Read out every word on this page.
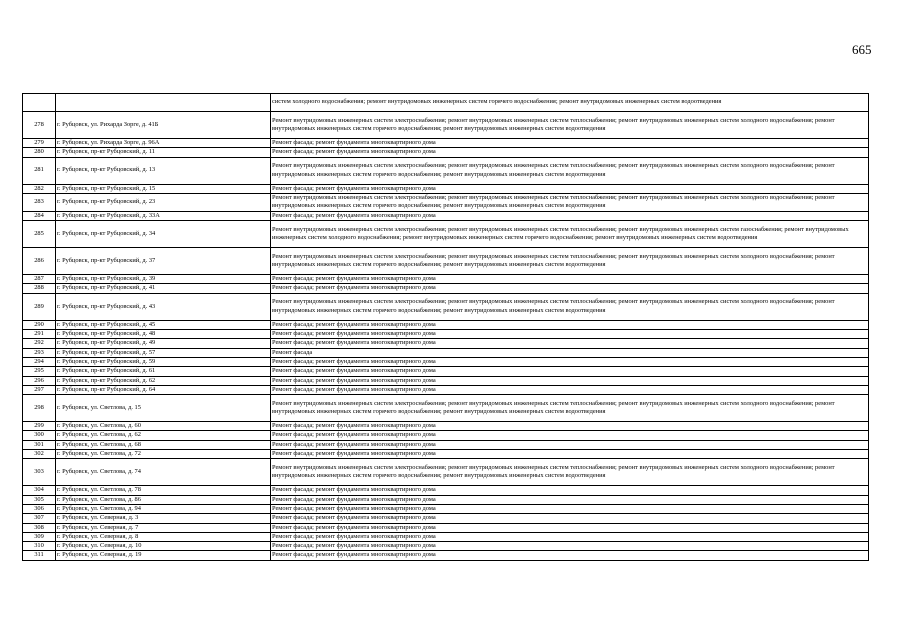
665
		систем холодного водоснабжения; ремонт внутридомовых инженерных систем горячего водоснабжения; ремонт внутридомовых инженерных систем водоотведения
278	г. Рубцовск, ул. Рихарда Зорге, д. 41Б	Ремонт внутридомовых инженерных систем электроснабжения; ремонт внутридомовых инженерных систем теплоснабжения; ремонт внутридомовых инженерных систем холодного водоснабжения; ремонт внутридомовых инженерных систем горячего водоснабжения; ремонт внутридомовых инженерных систем водоотведения
279	г. Рубцовск, ул. Рихарда Зорге, д. 96А	Ремонт фасада; ремонт фундамента многоквартирного дома
280	г. Рубцовск, пр-кт Рубцовский, д. 11	Ремонт фасада; ремонт фундамента многоквартирного дома
281	г. Рубцовск, пр-кт Рубцовский, д. 13	Ремонт внутридомовых инженерных систем электроснабжения; ремонт внутридомовых инженерных систем теплоснабжения; ремонт внутридомовых инженерных систем холодного водоснабжения; ремонт внутридомовых инженерных систем горячего водоснабжения; ремонт внутридомовых инженерных систем водоотведения
282	г. Рубцовск, пр-кт Рубцовский, д. 15	Ремонт фасада; ремонт фундамента многоквартирного дома
283	г. Рубцовск, пр-кт Рубцовский, д. 23	Ремонт внутридомовых инженерных систем электроснабжения; ремонт внутридомовых инженерных систем теплоснабжения; ремонт внутридомовых инженерных систем холодного водоснабжения; ремонт внутридомовых инженерных систем горячего водоснабжения; ремонт внутридомовых инженерных систем водоотведения
284	г. Рубцовск, пр-кт Рубцовский, д. 33А	Ремонт фасада; ремонт фундамента многоквартирного дома
285	г. Рубцовск, пр-кт Рубцовский, д. 34	Ремонт внутридомовых инженерных систем электроснабжения; ремонт внутридомовых инженерных систем теплоснабжения; ремонт внутридомовых инженерных систем газоснабжения; ремонт внутридомовых инженерных систем холодного водоснабжения; ремонт внутридомовых инженерных систем горячего водоснабжения; ремонт внутридомовых инженерных систем водоотведения
286	г. Рубцовск, пр-кт Рубцовский, д. 37	Ремонт внутридомовых инженерных систем электроснабжения; ремонт внутридомовых инженерных систем теплоснабжения; ремонт внутридомовых инженерных систем холодного водоснабжения; ремонт внутридомовых инженерных систем горячего водоснабжения; ремонт внутридомовых инженерных систем водоотведения
287	г. Рубцовск, пр-кт Рубцовский, д. 39	Ремонт фасада; ремонт фундамента многоквартирного дома
288	г. Рубцовск, пр-кт Рубцовский, д. 41	Ремонт фасада; ремонт фундамента многоквартирного дома
289	г. Рубцовск, пр-кт Рубцовский, д. 43	Ремонт внутридомовых инженерных систем электроснабжения; ремонт внутридомовых инженерных систем теплоснабжения; ремонт внутридомовых инженерных систем холодного водоснабжения; ремонт внутридомовых инженерных систем горячего водоснабжения; ремонт внутридомовых инженерных систем водоотведения
290	г. Рубцовск, пр-кт Рубцовский, д. 45	Ремонт фасада; ремонт фундамента многоквартирного дома
291	г. Рубцовск, пр-кт Рубцовский, д. 48	Ремонт фасада; ремонт фундамента многоквартирного дома
292	г. Рубцовск, пр-кт Рубцовский, д. 49	Ремонт фасада; ремонт фундамента многоквартирного дома
293	г. Рубцовск, пр-кт Рубцовский, д. 57	Ремонт фасада
294	г. Рубцовск, пр-кт Рубцовский, д. 59	Ремонт фасада; ремонт фундамента многоквартирного дома
295	г. Рубцовск, пр-кт Рубцовский, д. 61	Ремонт фасада; ремонт фундамента многоквартирного дома
296	г. Рубцовск, пр-кт Рубцовский, д. 62	Ремонт фасада; ремонт фундамента многоквартирного дома
297	г. Рубцовск, пр-кт Рубцовский, д. 64	Ремонт фасада; ремонт фундамента многоквартирного дома
298	г. Рубцовск, ул. Светлова, д. 15	Ремонт внутридомовых инженерных систем электроснабжения; ремонт внутридомовых инженерных систем теплоснабжения; ремонт внутридомовых инженерных систем холодного водоснабжения; ремонт внутридомовых инженерных систем горячего водоснабжения; ремонт внутридомовых инженерных систем водоотведения
299	г. Рубцовск, ул. Светлова, д. 60	Ремонт фасада; ремонт фундамента многоквартирного дома
300	г. Рубцовск, ул. Светлова, д. 62	Ремонт фасада; ремонт фундамента многоквартирного дома
301	г. Рубцовск, ул. Светлова, д. 68	Ремонт фасада; ремонт фундамента многоквартирного дома
302	г. Рубцовск, ул. Светлова, д. 72	Ремонт фасада; ремонт фундамента многоквартирного дома
303	г. Рубцовск, ул. Светлова, д. 74	Ремонт внутридомовых инженерных систем электроснабжения; ремонт внутридомовых инженерных систем теплоснабжения; ремонт внутридомовых инженерных систем холодного водоснабжения; ремонт внутридомовых инженерных систем горячего водоснабжения; ремонт внутридомовых инженерных систем водоотведения
304	г. Рубцовск, ул. Светлова, д. 78	Ремонт фасада; ремонт фундамента многоквартирного дома
305	г. Рубцовск, ул. Светлова, д. 86	Ремонт фасада; ремонт фундамента многоквартирного дома
306	г. Рубцовск, ул. Светлова, д. 94	Ремонт фасада; ремонт фундамента многоквартирного дома
307	г. Рубцовск, ул. Северная, д. 3	Ремонт фасада; ремонт фундамента многоквартирного дома
308	г. Рубцовск, ул. Северная, д. 7	Ремонт фасада; ремонт фундамента многоквартирного дома
309	г. Рубцовск, ул. Северная, д. 8	Ремонт фасада; ремонт фундамента многоквартирного дома
310	г. Рубцовск, ул. Северная, д. 10	Ремонт фасада; ремонт фундамента многоквартирного дома
311	г. Рубцовск, ул. Северная, д. 19	Ремонт фасада; ремонт фундамента многоквартирного дома
